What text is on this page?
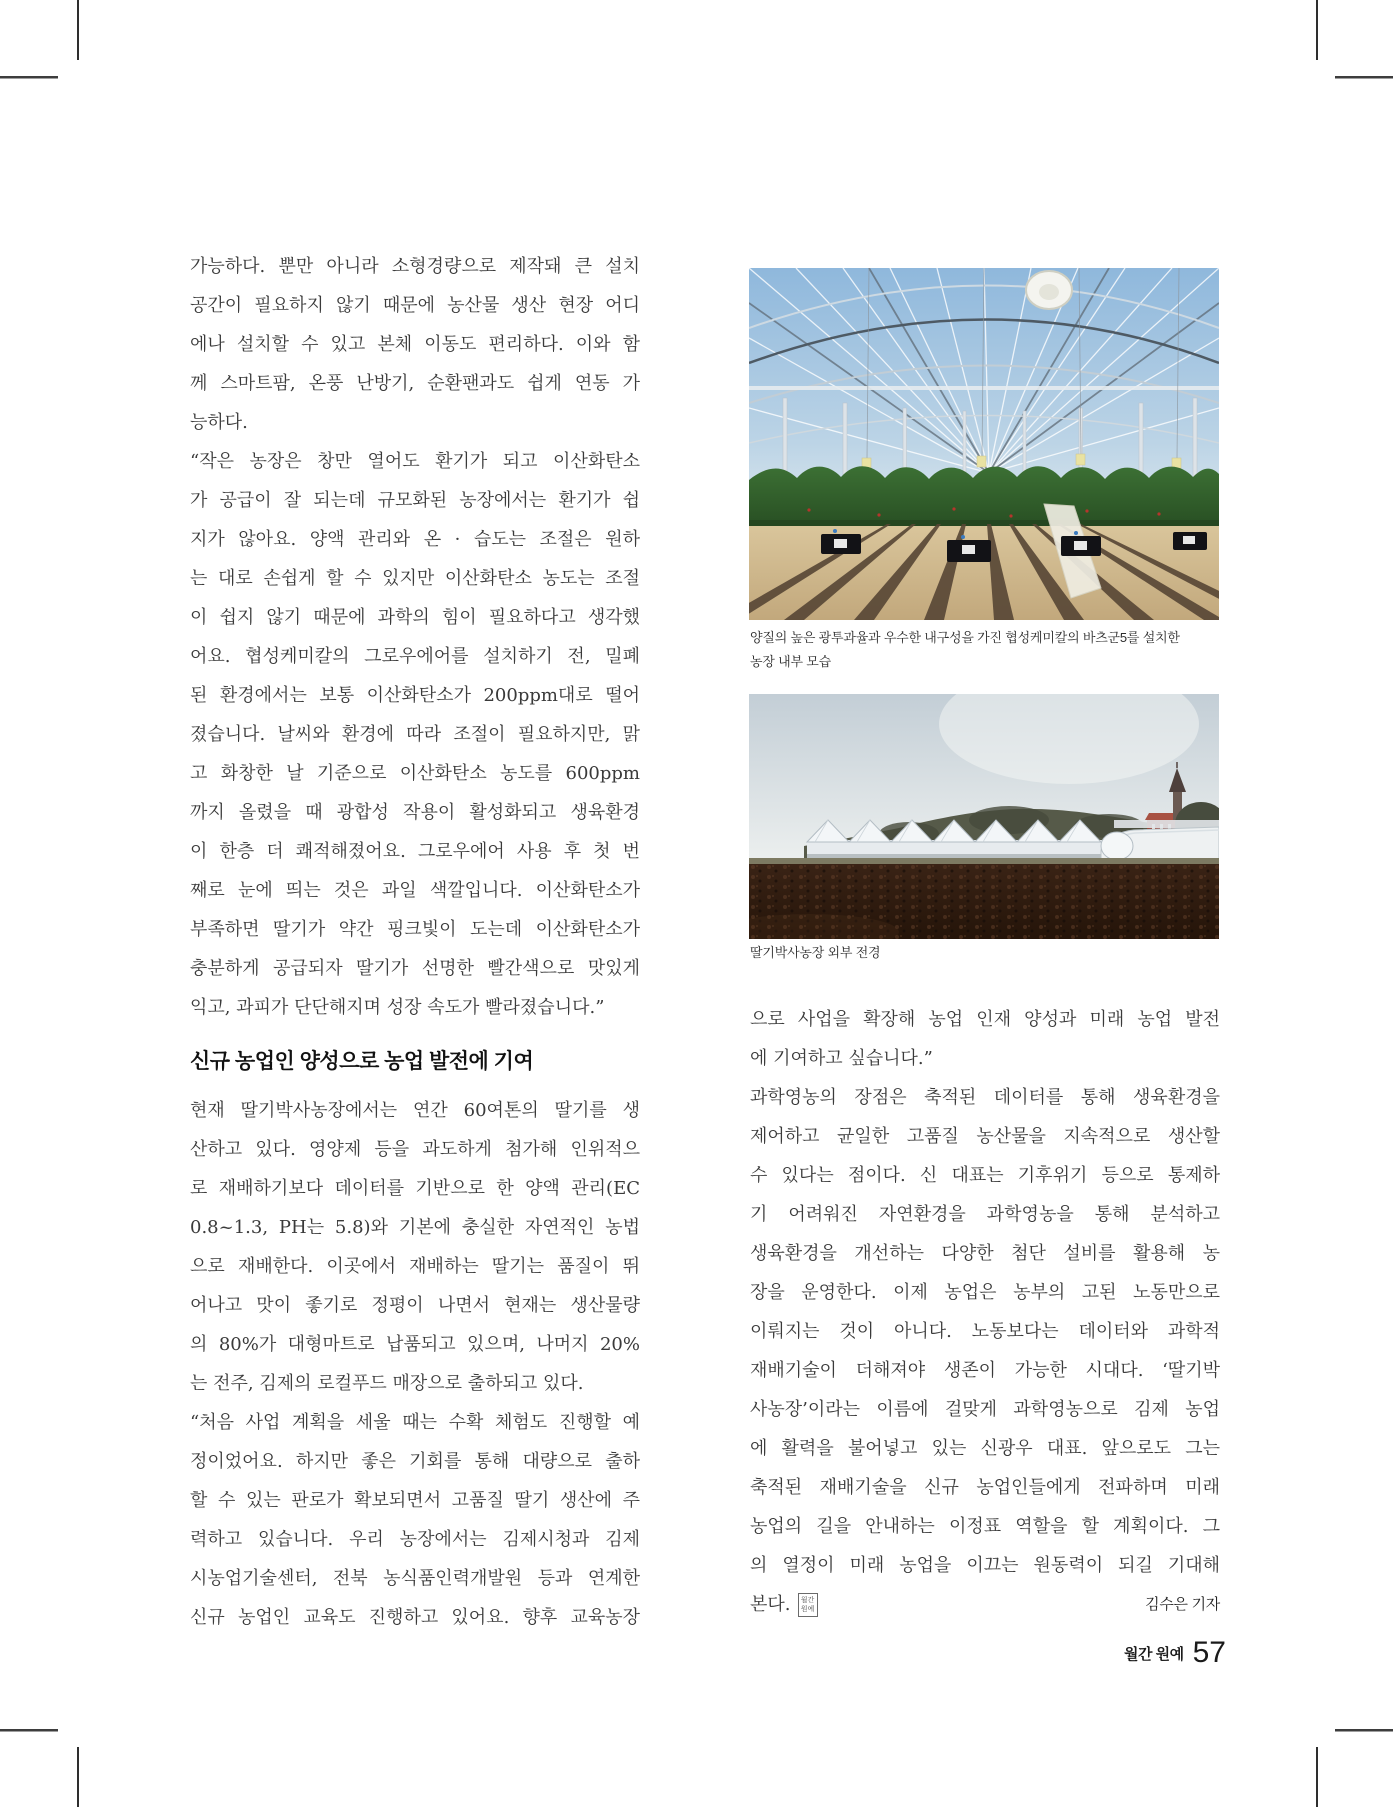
가능하다. 뿐만 아니라 소형경량으로 제작돼 큰 설치
공간이 필요하지 않기 때문에 농산물 생산 현장 어디
에나 설치할 수 있고 본체 이동도 편리하다. 이와 함
께 스마트팜, 온풍 난방기, 순환팬과도 쉽게 연동 가
능하다.
“작은 농장은 창만 열어도 환기가 되고 이산화탄소
가 공급이 잘 되는데 규모화된 농장에서는 환기가 쉽
지가 않아요. 양액 관리와 온 · 습도는 조절은 원하
는 대로 손쉽게 할 수 있지만 이산화탄소 농도는 조절
이 쉽지 않기 때문에 과학의 힘이 필요하다고 생각했
어요. 협성케미칼의 그로우에어를 설치하기 전, 밀폐
된 환경에서는 보통 이산화탄소가 200ppm대로 떨어
졌습니다. 날씨와 환경에 따라 조절이 필요하지만, 맑
고 화창한 날 기준으로 이산화탄소 농도를 600ppm
까지 올렸을 때 광합성 작용이 활성화되고 생육환경
이 한층 더 쾌적해졌어요. 그로우에어 사용 후 첫 번
째로 눈에 띄는 것은 과일 색깔입니다. 이산화탄소가
부족하면 딸기가 약간 핑크빛이 도는데 이산화탄소가
충분하게 공급되자 딸기가 선명한 빨간색으로 맛있게
익고, 과피가 단단해지며 성장 속도가 빨라졌습니다.”
신규 농업인 양성으로 농업 발전에 기여
현재 딸기박사농장에서는 연간 60여톤의 딸기를 생
산하고 있다. 영양제 등을 과도하게 첨가해 인위적으
로 재배하기보다 데이터를 기반으로 한 양액 관리(EC
0.8~1.3, PH는 5.8)와 기본에 충실한 자연적인 농법
으로 재배한다. 이곳에서 재배하는 딸기는 품질이 뛰
어나고 맛이 좋기로 정평이 나면서 현재는 생산물량
의 80%가 대형마트로 납품되고 있으며, 나머지 20%
는 전주, 김제의 로컬푸드 매장으로 출하되고 있다.
“처음 사업 계획을 세울 때는 수확 체험도 진행할 예
정이었어요. 하지만 좋은 기회를 통해 대량으로 출하
할 수 있는 판로가 확보되면서 고품질 딸기 생산에 주
력하고 있습니다. 우리 농장에서는 김제시청과 김제
시농업기술센터, 전북 농식품인력개발원 등과 연계한
신규 농업인 교육도 진행하고 있어요. 향후 교육농장
양질의 높은 광투과율과 우수한 내구성을 가진 협성케미칼의 바츠군5를 설치한
농장 내부 모습
딸기박사농장 외부 전경
으로 사업을 확장해 농업 인재 양성과 미래 농업 발전
에 기여하고 싶습니다.”
과학영농의 장점은 축적된 데이터를 통해 생육환경을
제어하고 균일한 고품질 농산물을 지속적으로 생산할
수 있다는 점이다. 신 대표는 기후위기 등으로 통제하
기 어려워진 자연환경을 과학영농을 통해 분석하고
생육환경을 개선하는 다양한 첨단 설비를 활용해 농
장을 운영한다. 이제 농업은 농부의 고된 노동만으로
이뤄지는 것이 아니다. 노동보다는 데이터와 과학적
재배기술이 더해져야 생존이 가능한 시대다. ‘딸기박
사농장’이라는 이름에 걸맞게 과학영농으로 김제 농업
에 활력을 불어넣고 있는 신광우 대표. 앞으로도 그는
축적된 재배기술을 신규 농업인들에게 전파하며 미래
농업의 길을 안내하는 이정표 역할을 할 계획이다. 그
의 열정이 미래 농업을 이끄는 원동력이 되길 기대해
본다.	월간
원예	김수은 기자
월간 원예 57
